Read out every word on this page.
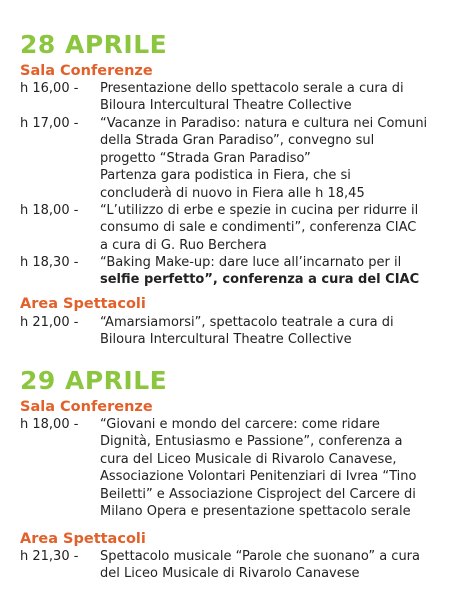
28 APRILE
Sala Conferenze
h 16,00 -	Presentazione dello spettacolo serale a cura di
Biloura Intercultural Theatre Collective
h 17,00 -	“Vacanze in Paradiso: natura e cultura nei Comuni
della Strada Gran Paradiso”, convegno sul
progetto “Strada Gran Paradiso”
Partenza gara podistica in Fiera, che si
concluderà di nuovo in Fiera alle h 18,45
h 18,00 -	“L’utilizzo di erbe e spezie in cucina per ridurre il
consumo di sale e condimenti”, conferenza CIAC
a cura di G. Ruo Berchera
h 18,30 -	“Baking Make-up: dare luce all’incarnato per il
selfie perfetto”, conferenza a cura del CIAC
Area Spettacoli
h 21,00 -	“Amarsiamorsi”, spettacolo teatrale a cura di
Biloura Intercultural Theatre Collective
29 APRILE
Sala Conferenze
h 18,00 -	“Giovani e mondo del carcere: come ridare
Dignità, Entusiasmo e Passione”, conferenza a
cura del Liceo Musicale di Rivarolo Canavese,
Associazione Volontari Penitenziari di Ivrea “Tino
Beiletti” e Associazione Cisproject del Carcere di
Milano Opera e presentazione spettacolo serale
Area Spettacoli
h 21,30 -	Spettacolo musicale “Parole che suonano” a cura
del Liceo Musicale di Rivarolo Canavese
